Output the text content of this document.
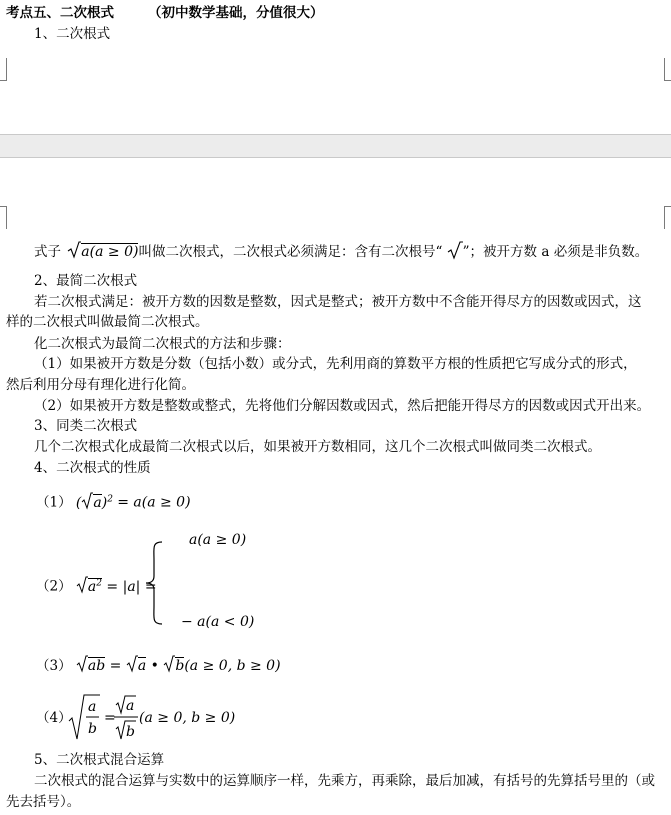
考点五、二次根式	（初中数学基础，分值很大）
1、二次根式
式子 a(a ≥ 0)叫做二次根式，二次根式必须满足：含有二次根号“ ”；被开方数 a 必须是非负数。
2、最简二次根式
若二次根式满足：被开方数的因数是整数，因式是整式；被开方数中不含能开得尽方的因数或因式，这
样的二次根式叫做最简二次根式。
化二次根式为最简二次根式的方法和步骤：
（1）如果被开方数是分数（包括小数）或分式，先利用商的算数平方根的性质把它写成分式的形式，
然后利用分母有理化进行化简。
（2）如果被开方数是整数或整式，先将他们分解因数或因式，然后把能开得尽方的因数或因式开出来。
3、同类二次根式
几个二次根式化成最简二次根式以后，如果被开方数相同，这几个二次根式叫做同类二次根式。
4、二次根式的性质
（1） ( a)$^2$ = a(a ≥ 0)
（2） $a^2 = |a|$ =
a(a ≥ 0)
− a(a < 0)
（3） ab = a • b(a ≥ 0, b ≥ 0)
（4）
a
b
=
a
b
(a ≥ 0, b ≥ 0)
5、二次根式混合运算
二次根式的混合运算与实数中的运算顺序一样，先乘方，再乘除，最后加减，有括号的先算括号里的（或
先去括号）。
